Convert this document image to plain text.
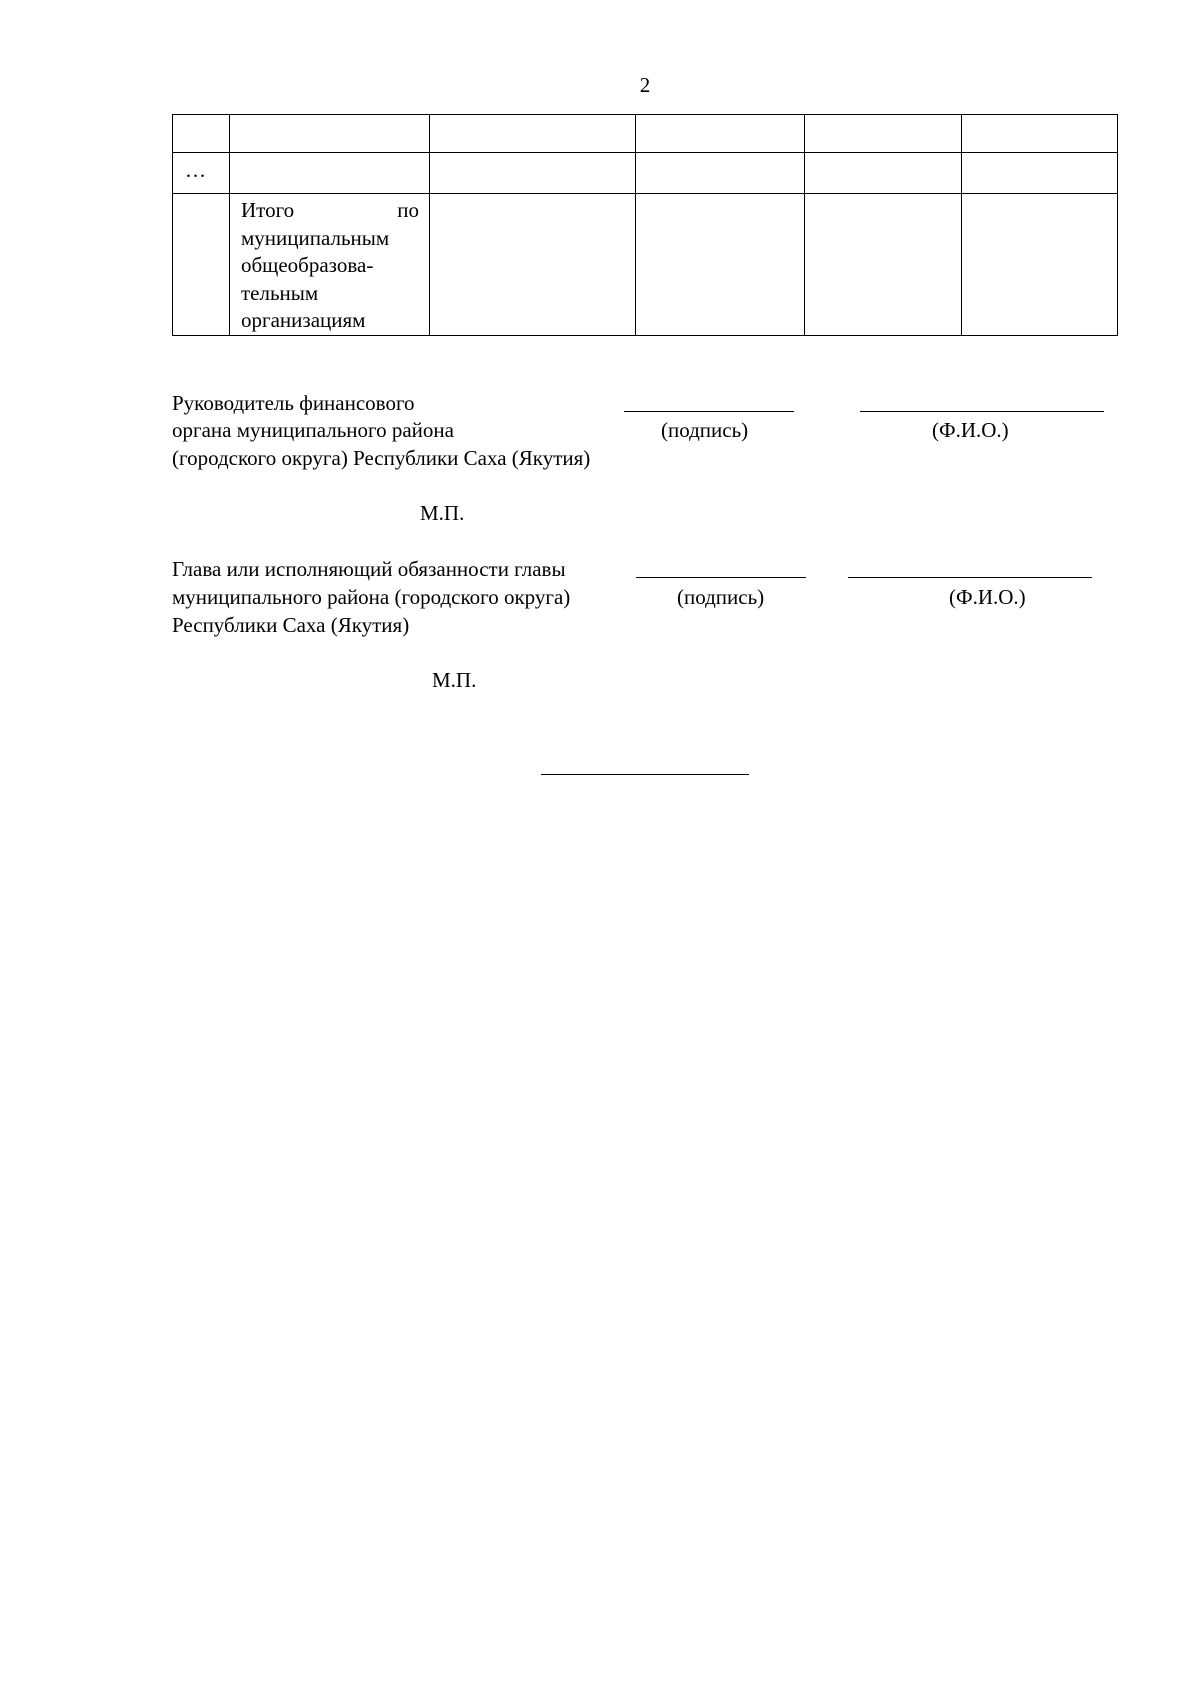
2

…					

	Итого по
муниципальным
общеобразова-
тельным
организациям				

Руководитель финансового
органа муниципального района
(городского округа) Республики Саха (Якутия)
(подпись)	(Ф.И.О.)
М.П.
Глава или исполняющий обязанности главы
муниципального района (городского округа)
Республики Саха (Якутия)
(подпись)	(Ф.И.О.)
М.П.
